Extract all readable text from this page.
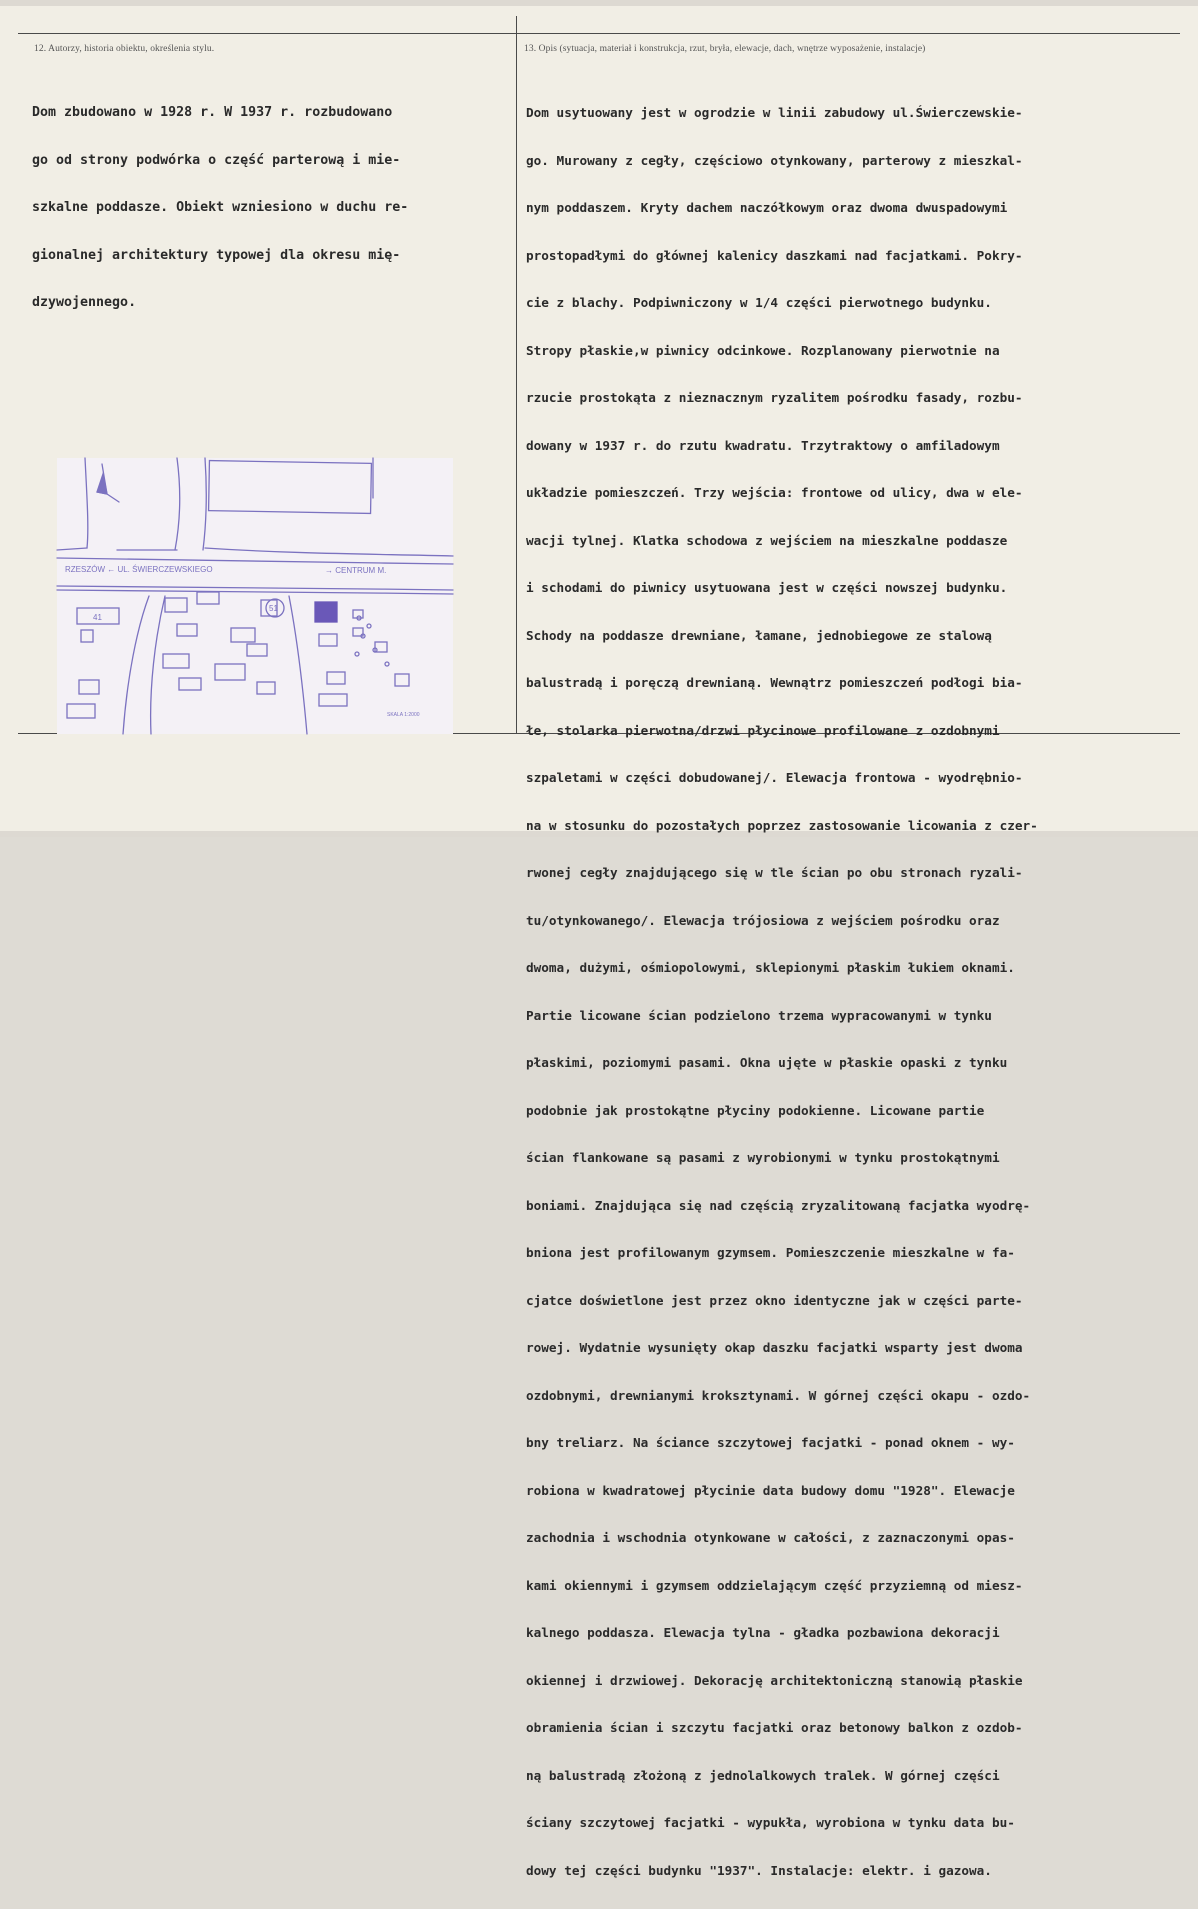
12. Autorzy, historia obiektu, określenia stylu.	13. Opis (sytuacja, materiał i konstrukcja, rzut, bryła, elewacje, dach, wnętrze wyposażenie, instalacje)

Dom zbudowano w 1928 r. W 1937 r. rozbudowano

go od strony podwórka o część parterową i mie-

szkalne poddasze. Obiekt wzniesiono w duchu re-

gionalnej architektury typowej dla okresu mię-

dzywojennego.

Dom usytuowany jest w ogrodzie w linii zabudowy ul.Świerczewskie-

go. Murowany z cegły, częściowo otynkowany, parterowy z mieszkal-

nym poddaszem. Kryty dachem naczółkowym oraz dwoma dwuspadowymi

prostopadłymi do głównej kalenicy daszkami nad facjatkami. Pokry-

cie z blachy. Podpiwniczony w 1/4 części pierwotnego budynku.

Stropy płaskie,w piwnicy odcinkowe. Rozplanowany pierwotnie na

rzucie prostokąta z nieznacznym ryzalitem pośrodku fasady, rozbu-

dowany w 1937 r. do rzutu kwadratu. Trzytraktowy o amfiladowym

układzie pomieszczeń. Trzy wejścia: frontowe od ulicy, dwa w ele-

wacji tylnej. Klatka schodowa z wejściem na mieszkalne poddasze

i schodami do piwnicy usytuowana jest w części nowszej budynku.

Schody na poddasze drewniane, łamane, jednobiegowe ze stalową

balustradą i poręczą drewnianą. Wewnątrz pomieszczeń podłogi bia-

łe, stolarka pierwotna/drzwi płycinowe profilowane z ozdobnymi

szpaletami w części dobudowanej/. Elewacja frontowa - wyodrębnio-

na w stosunku do pozostałych poprzez zastosowanie licowania z czer-

rwonej cegły znajdującego się w tle ścian po obu stronach ryzali-

tu/otynkowanego/. Elewacja trójosiowa z wejściem pośrodku oraz

dwoma, dużymi, ośmiopolowymi, sklepionymi płaskim łukiem oknami.

Partie licowane ścian podzielono trzema wypracowanymi w tynku

płaskimi, poziomymi pasami. Okna ujęte w płaskie opaski z tynku

podobnie jak prostokątne płyciny podokienne. Licowane partie

ścian flankowane są pasami z wyrobionymi w tynku prostokątnymi

boniami. Znajdująca się nad częścią zryzalitowaną facjatka wyodrę-

bniona jest profilowanym gzymsem. Pomieszczenie mieszkalne w fa-

cjatce doświetlone jest przez okno identyczne jak w części parte-

rowej. Wydatnie wysunięty okap daszku facjatki wsparty jest dwoma

ozdobnymi, drewnianymi kroksztynami. W górnej części okapu - ozdo-

bny treliarz. Na ściance szczytowej facjatki - ponad oknem - wy-

robiona w kwadratowej płycinie data budowy domu "1928". Elewacje

zachodnia i wschodnia otynkowane w całości, z zaznaczonymi opas-

kami okiennymi i gzymsem oddzielającym część przyziemną od miesz-

kalnego poddasza. Elewacja tylna - gładka pozbawiona dekoracji

okiennej i drzwiowej. Dekorację architektoniczną stanowią płaskie

obramienia ścian i szczytu facjatki oraz betonowy balkon z ozdob-

ną balustradą złożoną z jednolalkowych tralek. W górnej części

ściany szczytowej facjatki - wypukła, wyrobiona w tynku data bu-

dowy tej części budynku "1937". Instalacje: elektr. i gazowa.

RZESZÓW ← UL. ŚWIERCZEWSKIEGO	→ CENTRUM M.
41
51
SKALA 1:2000
